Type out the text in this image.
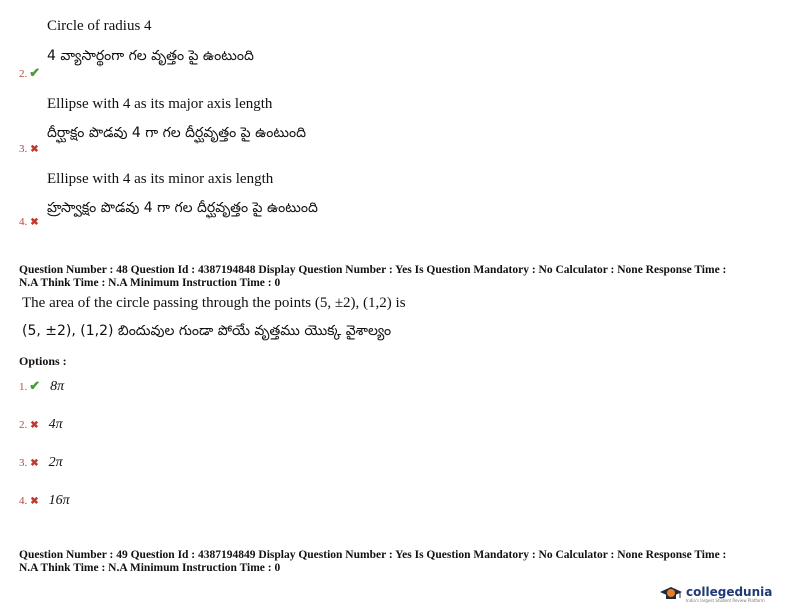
Circle of radius 4
4 వ్యాసార్థంగా గల వృత్తం పై ఉంటుంది
2. ✔
Ellipse with 4 as its major axis length
దీర్ఘాక్షం పొడవు 4 గా గల దీర్ఘవృత్తం పై ఉంటుంది
3. ✖
Ellipse with 4 as its minor axis length
హ్రస్వాక్షం పొడవు 4 గా గల దీర్ఘవృత్తం పై ఉంటుంది
4. ✖
Question Number : 48 Question Id : 4387194848 Display Question Number : Yes Is Question Mandatory : No Calculator : None Response Time :
N.A Think Time : N.A Minimum Instruction Time : 0
The area of the circle passing through the points (5, ±2), (1,2) is
(5, ±2), (1,2) బిందువుల గుండా పోయే వృత్తము యొక్క వైశాల్యం
Options :
1. ✔ 8π
2. ✖ 4π
3. ✖ 2π
4. ✖ 16π
Question Number : 49 Question Id : 4387194849 Display Question Number : Yes Is Question Mandatory : No Calculator : None Response Time :
N.A Think Time : N.A Minimum Instruction Time : 0
collegedunia
India's largest Student Review Platform
